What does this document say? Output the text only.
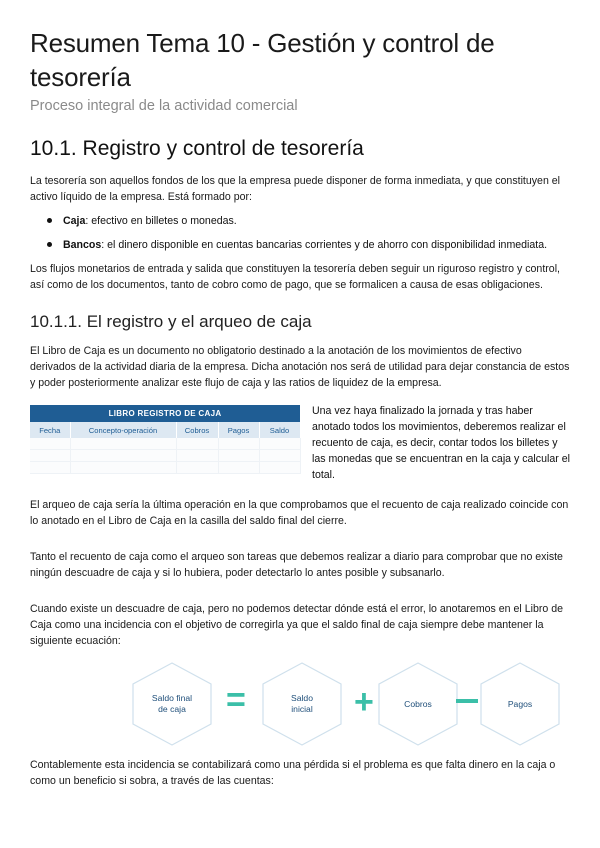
Resumen Tema 10 - Gestión y control de tesorería
Proceso integral de la actividad comercial
10.1. Registro y control de tesorería

La tesorería son aquellos fondos de los que la empresa puede disponer de forma inmediata, y que constituyen el activo líquido de la empresa. Está formado por:

Caja: efectivo en billetes o monedas.
Bancos: el dinero disponible en cuentas bancarias corrientes y de ahorro con disponibilidad inmediata.

Los flujos monetarios de entrada y salida que constituyen la tesorería deben seguir un riguroso registro y control, así como de los documentos, tanto de cobro como de pago, que se formalicen a causa de esas obligaciones.

10.1.1. El registro y el arqueo de caja

El Libro de Caja es un documento no obligatorio destinado a la anotación de los movimientos de efectivo derivados de la actividad diaria de la empresa. Dicha anotación nos será de utilidad para dejar constancia de estos y poder posteriormente analizar este flujo de caja y las ratios de liquidez de la empresa.

LIBRO REGISTRO DE CAJA
Fecha	Concepto-operación	Cobros	Pagos	Saldo

Una vez haya finalizado la jornada y tras haber anotado todos los movimientos, deberemos realizar el recuento de caja, es decir, contar todos los billetes y las monedas que se encuentran en la caja y calcular el total.

El arqueo de caja sería la última operación en la que comprobamos que el recuento de caja realizado coincide con lo anotado en el Libro de Caja en la casilla del saldo final del cierre.

Tanto el recuento de caja como el arqueo son tareas que debemos realizar a diario para comprobar que no existe ningún descuadre de caja y si lo hubiera, poder detectarlo lo antes posible y subsanarlo.

Cuando existe un descuadre de caja, pero no podemos detectar dónde está el error, lo anotaremos en el Libro de Caja como una incidencia con el objetivo de corregirla ya que el saldo final de caja siempre debe mantener la siguiente ecuación:

Saldo final
de caja	=	Saldo
inicial	+	Cobros	Pagos

Contablemente esta incidencia se contabilizará como una pérdida si el problema es que falta dinero en la caja o como un beneficio si sobra, a través de las cuentas:
